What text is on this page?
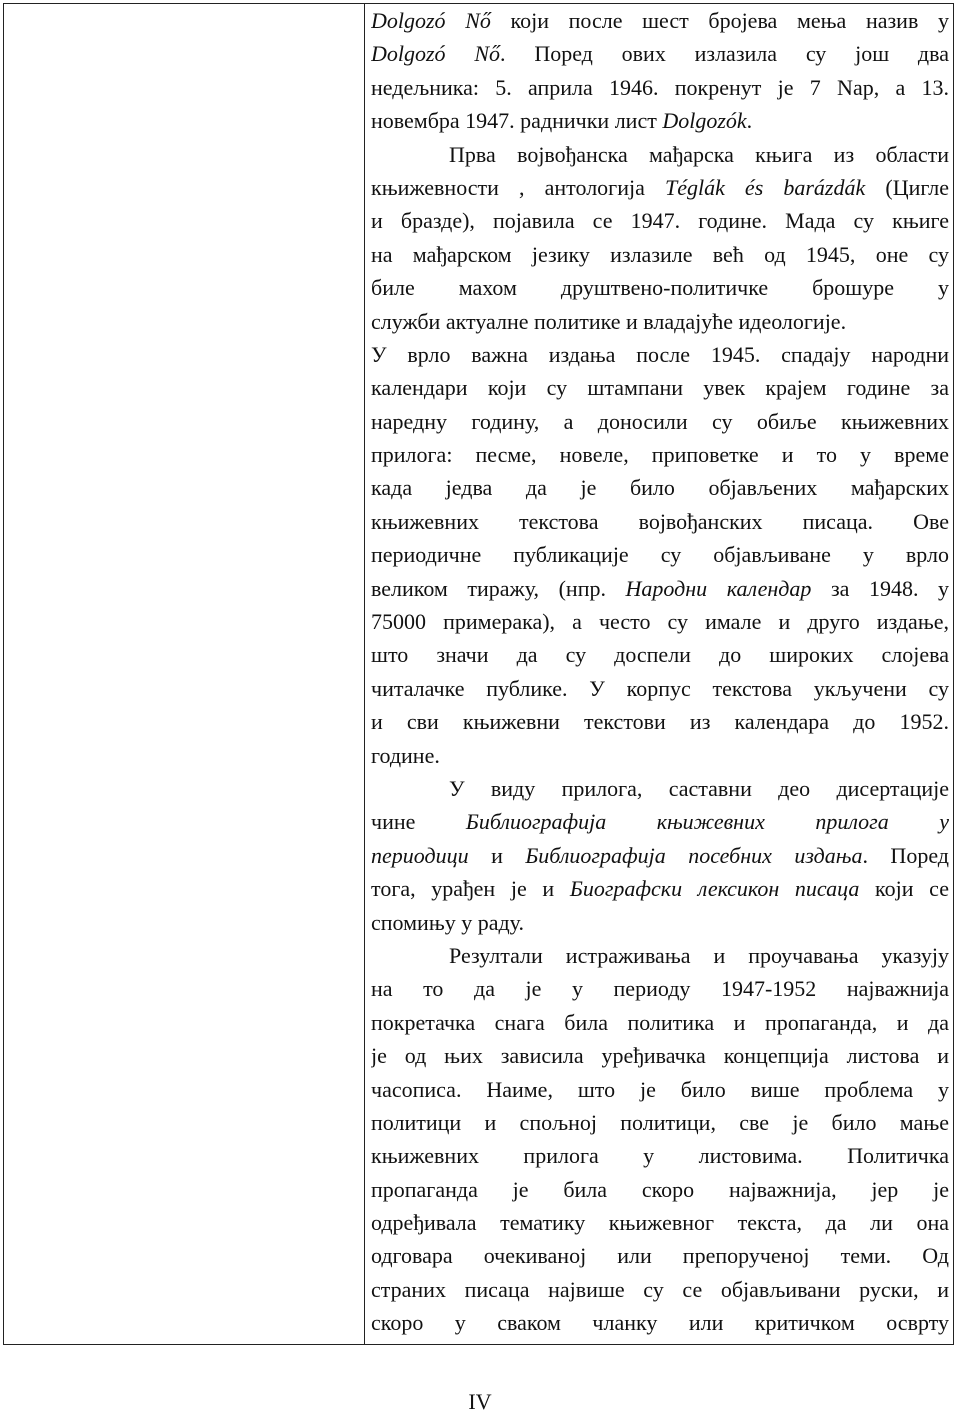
Dolgozó Nő који после шест бројева мења назив у
Dolgozó Nő. Поред ових излазила су још два
недељника: 5. априла 1946. покренут је 7 Nap, а 13.
новембра 1947. раднички лист Dolgozók.
Прва војвођанска мађарска књига из области
књижевности , антологија Téglák és barázdák (Цигле
и бразде), појавила се 1947. године. Мада су књиге
на мађарском језику излазиле већ од 1945, оне су
биле махом друштвено-политичке брошуре у
служби актуалне политике и владајуће идеологије.
У врло важна издања после 1945. спадају народни
календари који су штампани увек крајем године за
наредну годину, а доносили су обиље књижевних
прилога: песме, новеле, приповетке и то у време
када једва да је било објављених мађарских
књижевних текстова војвођанских писаца. Ове
периодичне публикације су објављиване у врло
великом тиражу, (нпр. Народни календар за 1948. у
75000 примерака), а често су имале и друго издање,
што значи да су доспели до широких слојева
читалачке публике. У корпус текстова укључени су
и сви књижевни текстови из календара до 1952.
године.
У виду прилога, саставни део дисертације
чине Библиографија књижевних прилога у
периодици и Библиографија посебних издања. Поред
тога, урађен је и Биографски лексикон писаца који се
спомињу у раду.
Резултали истраживања и проучавања указују
на то да је у периоду 1947-1952 најважнија
покретачка снага била политика и пропаганда, и да
је од њих зависила уређивачка концепција листова и
часописа. Наиме, што је било више проблема у
политици и спољној политици, све је било мање
књижевних прилога у листовима. Политичка
пропаганда је била скоро најважнија, јер је
одређивала тематику књижевног текста, да ли она
одговара очекиваној или препорученој теми. Од
страних писаца највише су се објављивани руски, и
скоро у сваком чланку или критичком осврту
IV
